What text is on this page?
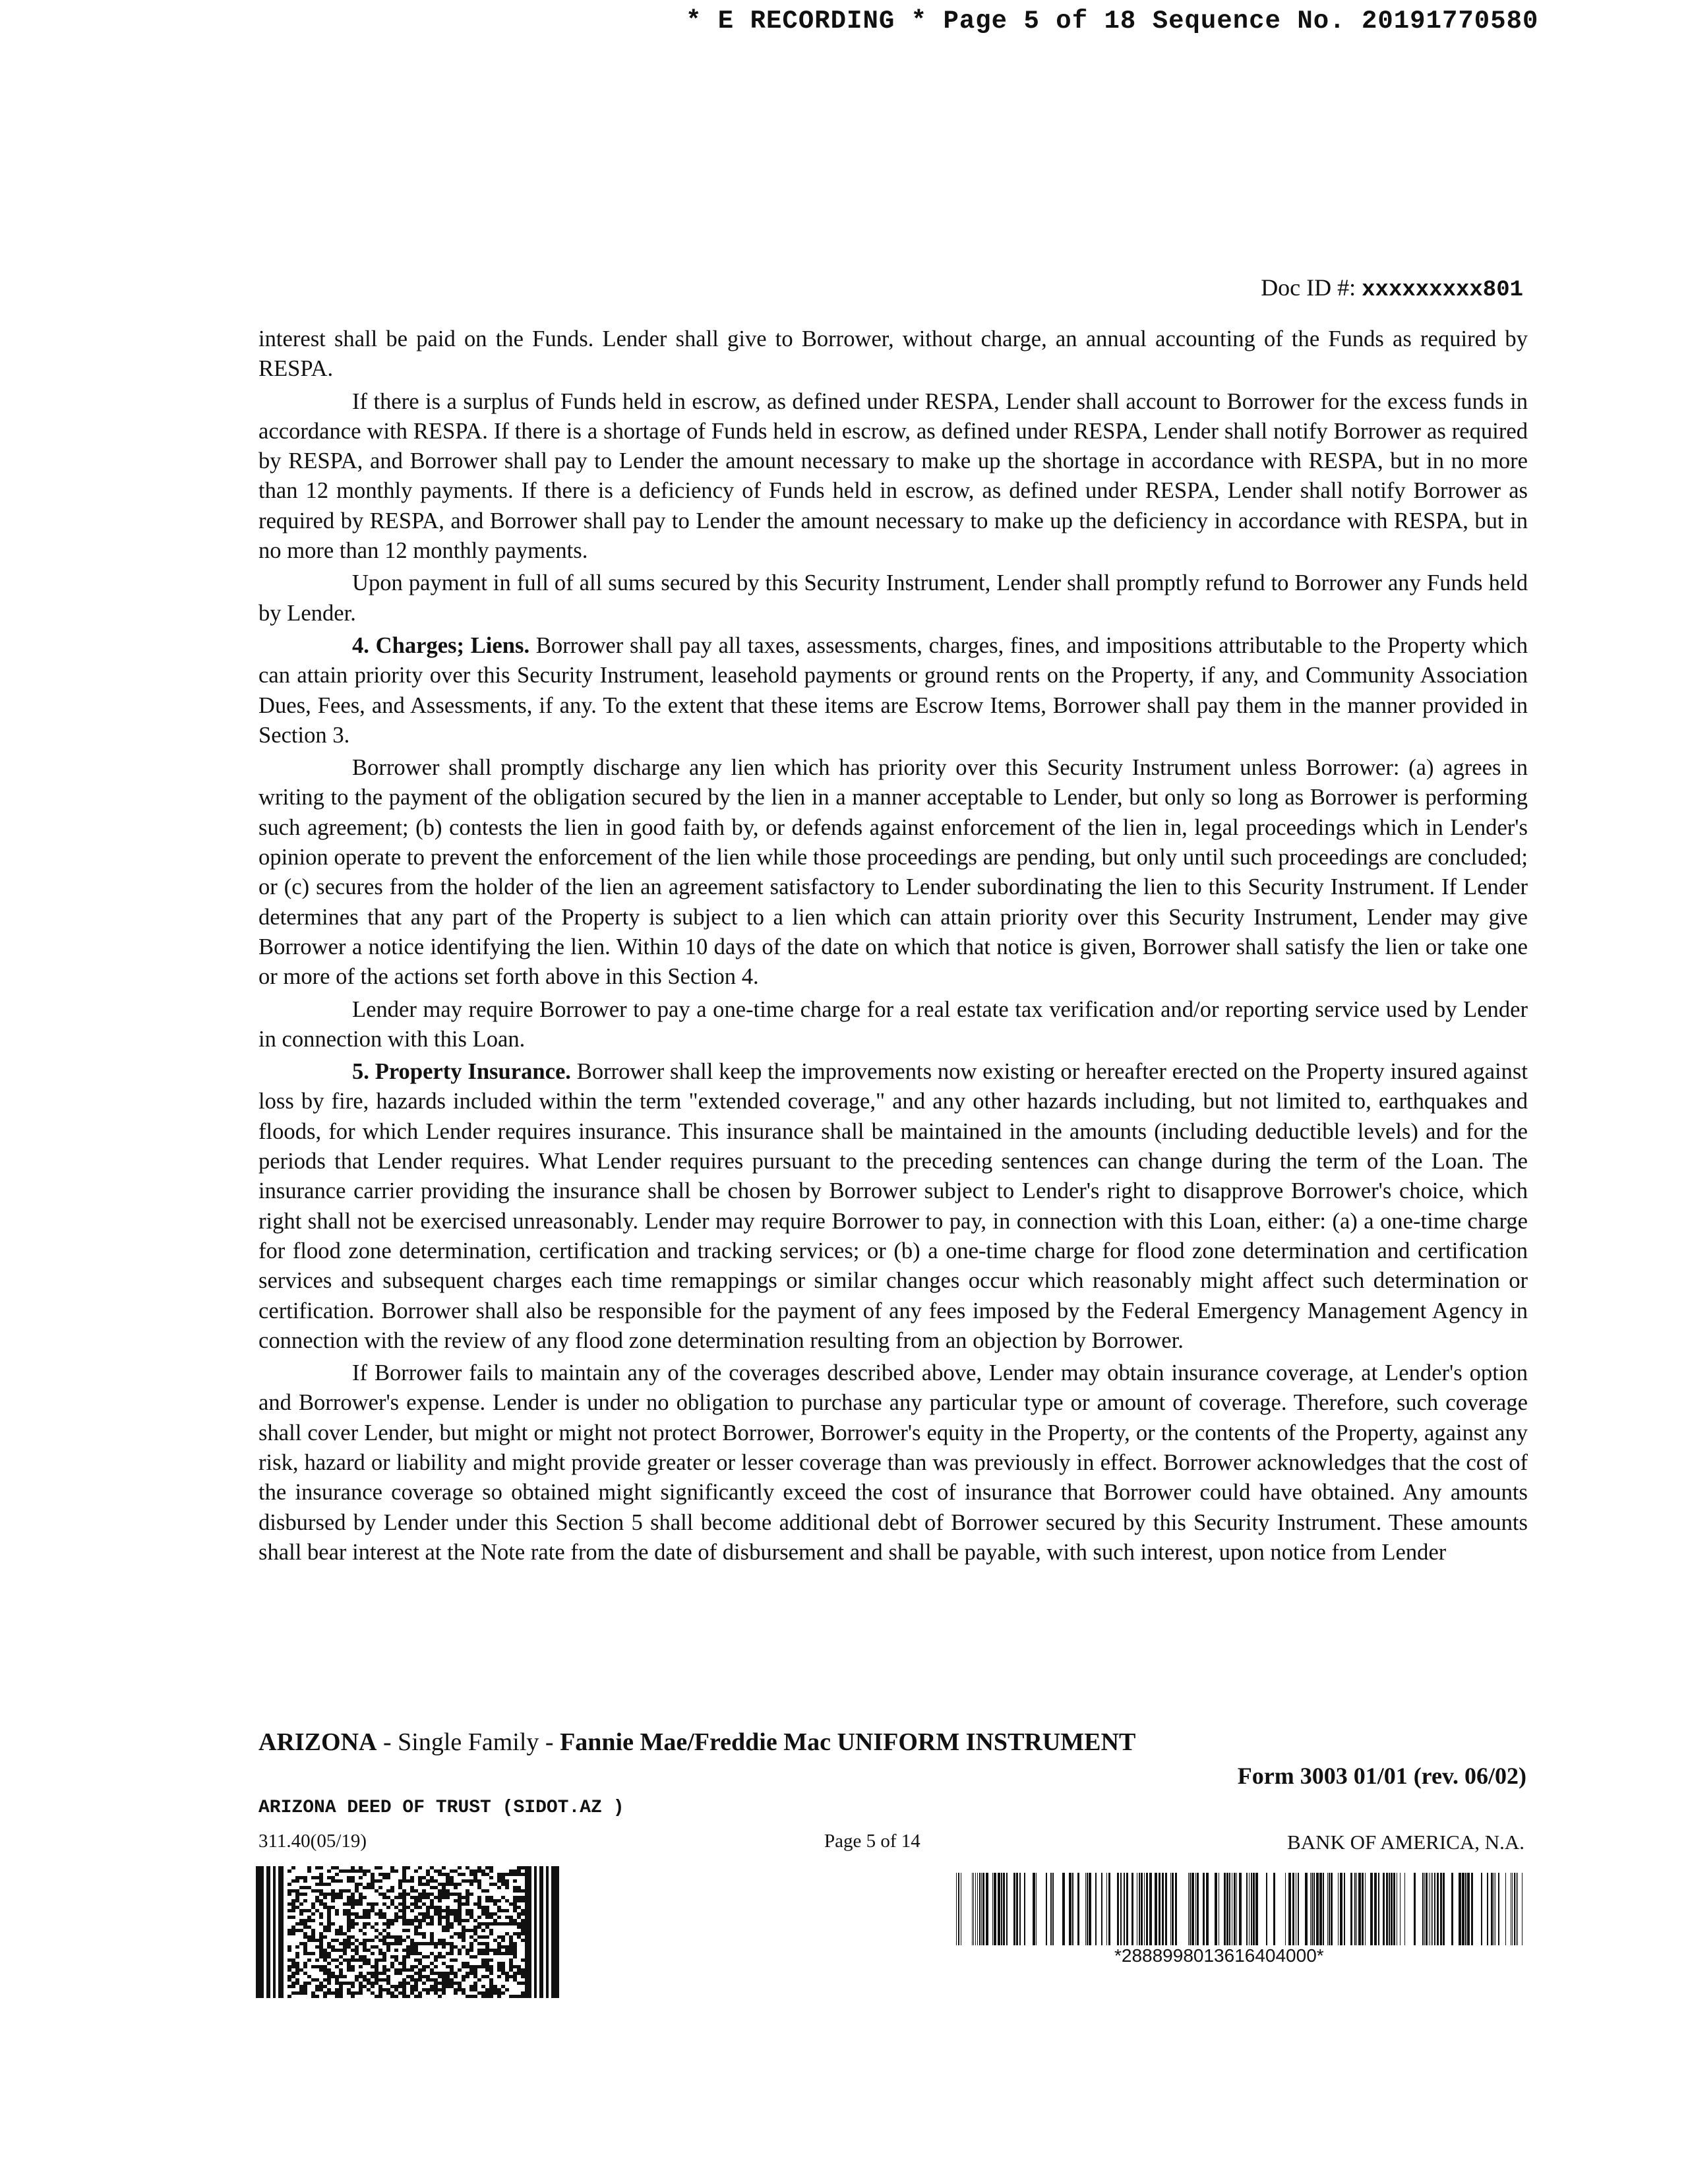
* E RECORDING * Page 5 of 18 Sequence No. 20191770580
Doc ID #: xxxxxxxxx801

interest shall be paid on the Funds. Lender shall give to Borrower, without charge, an annual accounting of the Funds as required by RESPA.

If there is a surplus of Funds held in escrow, as defined under RESPA, Lender shall account to Borrower for the excess funds in accordance with RESPA. If there is a shortage of Funds held in escrow, as defined under RESPA, Lender shall notify Borrower as required by RESPA, and Borrower shall pay to Lender the amount necessary to make up the shortage in accordance with RESPA, but in no more than 12 monthly payments. If there is a deficiency of Funds held in escrow, as defined under RESPA, Lender shall notify Borrower as required by RESPA, and Borrower shall pay to Lender the amount necessary to make up the deficiency in accordance with RESPA, but in no more than 12 monthly payments.

Upon payment in full of all sums secured by this Security Instrument, Lender shall promptly refund to Borrower any Funds held by Lender.

4. Charges; Liens. Borrower shall pay all taxes, assessments, charges, fines, and impositions attributable to the Property which can attain priority over this Security Instrument, leasehold payments or ground rents on the Property, if any, and Community Association Dues, Fees, and Assessments, if any. To the extent that these items are Escrow Items, Borrower shall pay them in the manner provided in Section 3.

Borrower shall promptly discharge any lien which has priority over this Security Instrument unless Borrower: (a) agrees in writing to the payment of the obligation secured by the lien in a manner acceptable to Lender, but only so long as Borrower is performing such agreement; (b) contests the lien in good faith by, or defends against enforcement of the lien in, legal proceedings which in Lender's opinion operate to prevent the enforcement of the lien while those proceedings are pending, but only until such proceedings are concluded; or (c) secures from the holder of the lien an agreement satisfactory to Lender subordinating the lien to this Security Instrument. If Lender determines that any part of the Property is subject to a lien which can attain priority over this Security Instrument, Lender may give Borrower a notice identifying the lien. Within 10 days of the date on which that notice is given, Borrower shall satisfy the lien or take one or more of the actions set forth above in this Section 4.

Lender may require Borrower to pay a one-time charge for a real estate tax verification and/or reporting service used by Lender in connection with this Loan.

5. Property Insurance. Borrower shall keep the improvements now existing or hereafter erected on the Property insured against loss by fire, hazards included within the term "extended coverage," and any other hazards including, but not limited to, earthquakes and floods, for which Lender requires insurance. This insurance shall be maintained in the amounts (including deductible levels) and for the periods that Lender requires. What Lender requires pursuant to the preceding sentences can change during the term of the Loan. The insurance carrier providing the insurance shall be chosen by Borrower subject to Lender's right to disapprove Borrower's choice, which right shall not be exercised unreasonably. Lender may require Borrower to pay, in connection with this Loan, either: (a) a one-time charge for flood zone determination, certification and tracking services; or (b) a one-time charge for flood zone determination and certification services and subsequent charges each time remappings or similar changes occur which reasonably might affect such determination or certification. Borrower shall also be responsible for the payment of any fees imposed by the Federal Emergency Management Agency in connection with the review of any flood zone determination resulting from an objection by Borrower.

If Borrower fails to maintain any of the coverages described above, Lender may obtain insurance coverage, at Lender's option and Borrower's expense. Lender is under no obligation to purchase any particular type or amount of coverage. Therefore, such coverage shall cover Lender, but might or might not protect Borrower, Borrower's equity in the Property, or the contents of the Property, against any risk, hazard or liability and might provide greater or lesser coverage than was previously in effect. Borrower acknowledges that the cost of the insurance coverage so obtained might significantly exceed the cost of insurance that Borrower could have obtained. Any amounts disbursed by Lender under this Section 5 shall become additional debt of Borrower secured by this Security Instrument. These amounts shall bear interest at the Note rate from the date of disbursement and shall be payable, with such interest, upon notice from Lender

ARIZONA - Single Family - Fannie Mae/Freddie Mac UNIFORM INSTRUMENT
Form 3003 01/01 (rev. 06/02)
ARIZONA DEED OF TRUST (SIDOT.AZ )
311.40(05/19)	Page 5 of 14	BANK OF AMERICA, N.A.
*2888998013616404000*
